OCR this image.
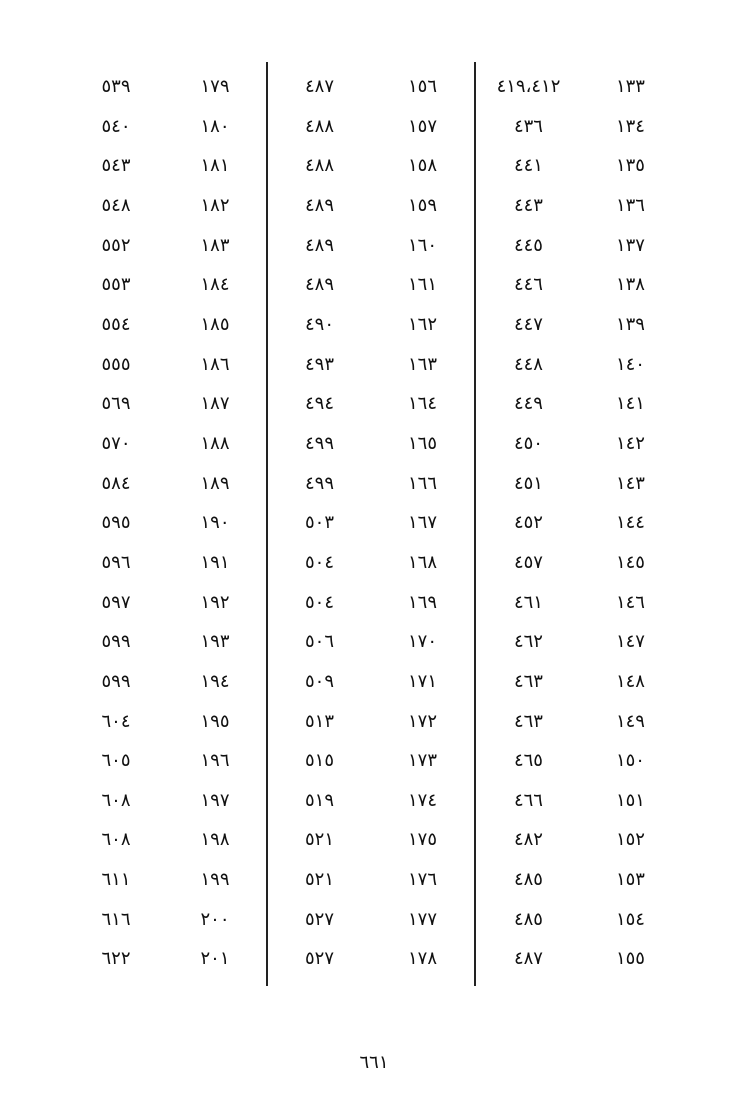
٥٣٩
٥٤٠
٥٤٣
٥٤٨
٥٥٢
٥٥٣
٥٥٤
٥٥٥
٥٦٩
٥٧٠
٥٨٤
٥٩٥
٥٩٦
٥٩٧
٥٩٩
٥٩٩
٦٠٤
٦٠٥
٦٠٨
٦٠٨
٦١١
٦١٦
٦٢٢
١٧٩
١٨٠
١٨١
١٨٢
١٨٣
١٨٤
١٨٥
١٨٦
١٨٧
١٨٨
١٨٩
١٩٠
١٩١
١٩٢
١٩٣
١٩٤
١٩٥
١٩٦
١٩٧
١٩٨
١٩٩
٢٠٠
٢٠١
٤٨٧
٤٨٨
٤٨٨
٤٨٩
٤٨٩
٤٨٩
٤٩٠
٤٩٣
٤٩٤
٤٩٩
٤٩٩
٥٠٣
٥٠٤
٥٠٤
٥٠٦
٥٠٩
٥١٣
٥١٥
٥١٩
٥٢١
٥٢١
٥٢٧
٥٢٧
١٥٦
١٥٧
١٥٨
١٥٩
١٦٠
١٦١
١٦٢
١٦٣
١٦٤
١٦٥
١٦٦
١٦٧
١٦٨
١٦٩
١٧٠
١٧١
١٧٢
١٧٣
١٧٤
١٧٥
١٧٦
١٧٧
١٧٨
٤١٩،٤١٢
٤٣٦
٤٤١
٤٤٣
٤٤٥
٤٤٦
٤٤٧
٤٤٨
٤٤٩
٤٥٠
٤٥١
٤٥٢
٤٥٧
٤٦١
٤٦٢
٤٦٣
٤٦٣
٤٦٥
٤٦٦
٤٨٢
٤٨٥
٤٨٥
٤٨٧
١٣٣
١٣٤
١٣٥
١٣٦
١٣٧
١٣٨
١٣٩
١٤٠
١٤١
١٤٢
١٤٣
١٤٤
١٤٥
١٤٦
١٤٧
١٤٨
١٤٩
١٥٠
١٥١
١٥٢
١٥٣
١٥٤
١٥٥
٦٦١
